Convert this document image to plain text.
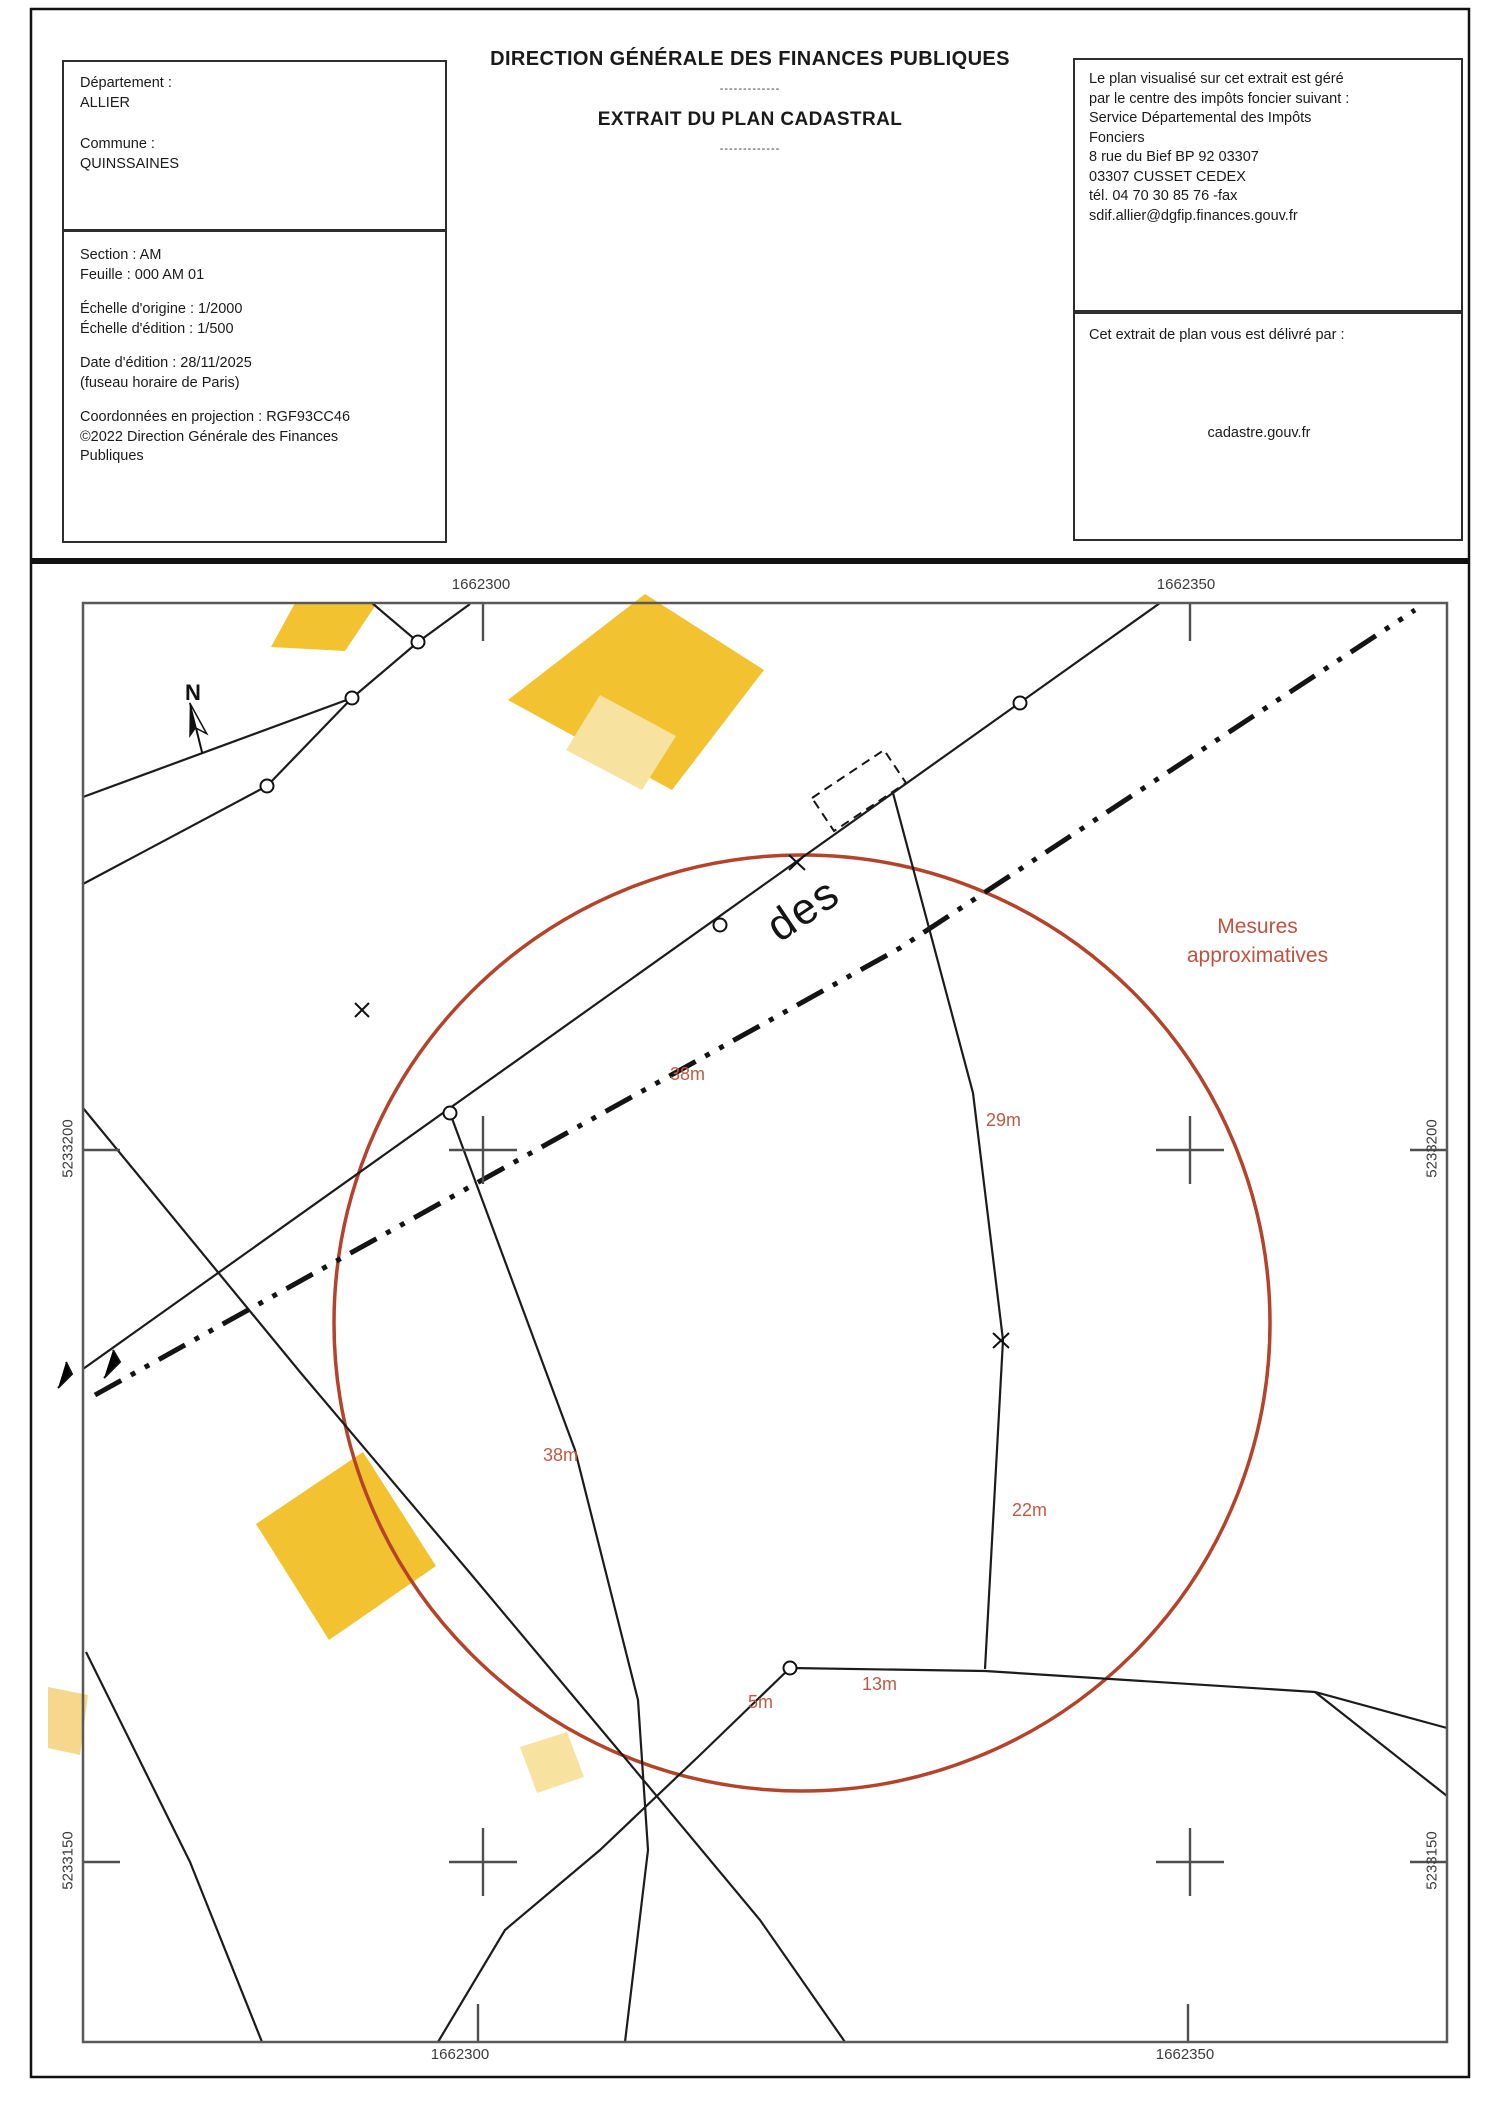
Département :
ALLIER
Commune :
QUINSSAINES
DIRECTION GÉNÉRALE DES FINANCES PUBLIQUES
-------------
EXTRAIT DU PLAN CADASTRAL
-------------
Section : AM
Feuille : 000 AM 01
Échelle d'origine : 1/2000
Échelle d'édition : 1/500
Date d'édition : 28/11/2025
(fuseau horaire de Paris)
Coordonnées en projection : RGF93CC46
©2022 Direction Générale des Finances
Publiques
Le plan visualisé sur cet extrait est géré
par le centre des impôts foncier suivant :
Service Départemental des Impôts
Fonciers
8 rue du Bief BP 92 03307
03307 CUSSET CEDEX
tél. 04 70 30 85 76 -fax
sdif.allier@dgfip.finances.gouv.fr
Cet extrait de plan vous est délivré par :
cadastre.gouv.fr
1662300	1662350
1662300	1662350
5233200
5233150
5233200
5233150
N
des	Mesures
approximatives
38m
29m
38m
22m
13m
5m
